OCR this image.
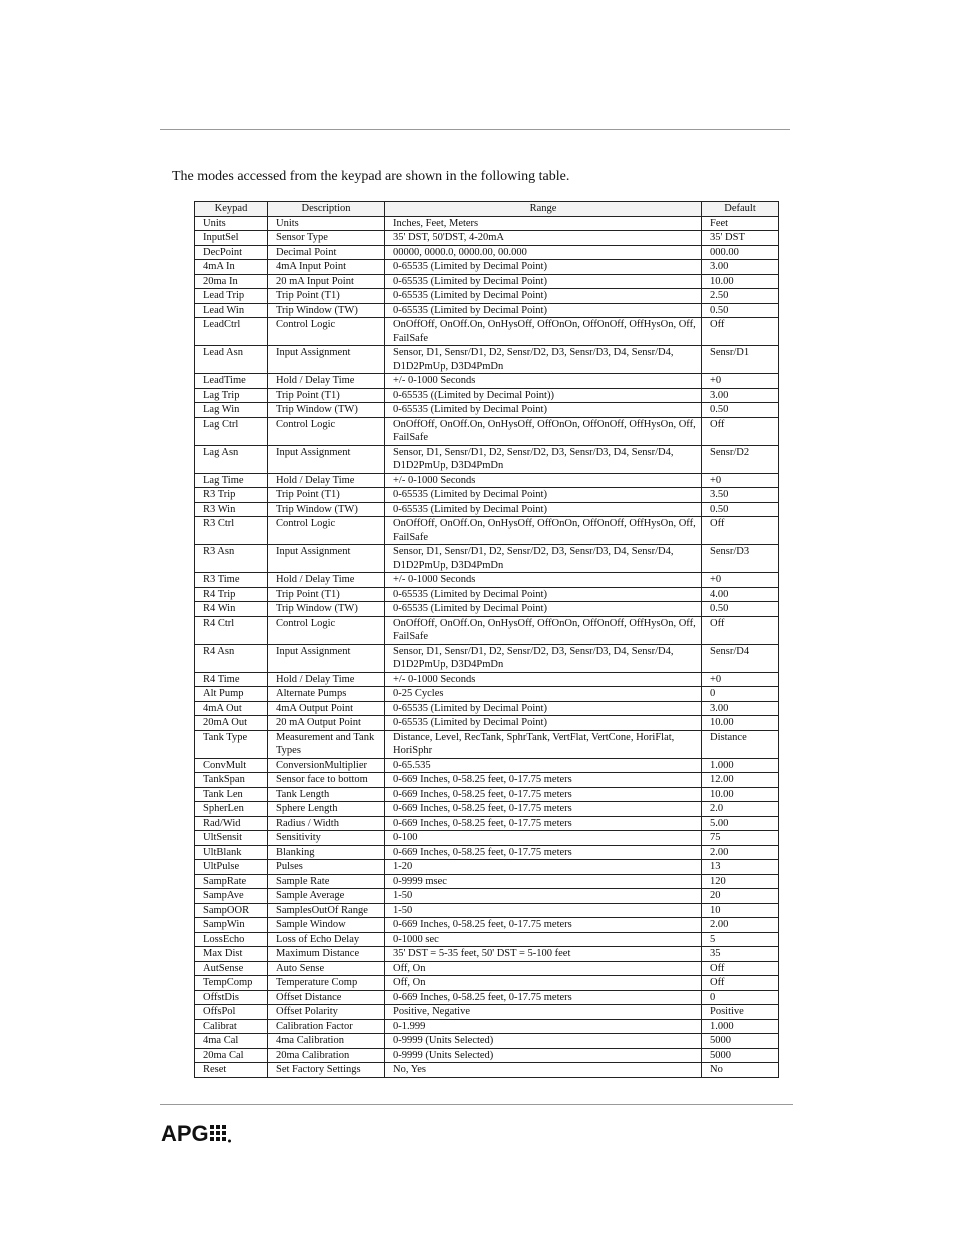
The modes accessed from the keypad are shown in the following table.
Keypad	Description	Range	Default
Units	Units	Inches, Feet, Meters	Feet
InputSel	Sensor Type	35' DST, 50'DST, 4-20mA	35' DST
DecPoint	Decimal Point	00000, 0000.0, 0000.00, 00.000	000.00
4mA In	4mA Input Point	0-65535 (Limited by Decimal Point)	3.00
20ma In	20 mA Input Point	0-65535 (Limited by Decimal Point)	10.00
Lead Trip	Trip Point (T1)	0-65535 (Limited by Decimal Point)	2.50
Lead Win	Trip Window (TW)	0-65535 (Limited by Decimal Point)	0.50
LeadCtrl	Control Logic	OnOffOff, OnOff.On, OnHysOff, OffOnOn, OffOnOff, OffHysOn, Off, FailSafe	Off
Lead Asn	Input Assignment	Sensor, D1, Sensr/D1, D2, Sensr/D2, D3, Sensr/D3, D4, Sensr/D4, D1D2PmUp, D3D4PmDn	Sensr/D1
LeadTime	Hold / Delay Time	+/- 0-1000 Seconds	+0
Lag Trip	Trip Point (T1)	0-65535 ((Limited by Decimal Point))	3.00
Lag Win	Trip Window (TW)	0-65535 (Limited by Decimal Point)	0.50
Lag Ctrl	Control Logic	OnOffOff, OnOff.On, OnHysOff, OffOnOn, OffOnOff, OffHysOn, Off, FailSafe	Off
Lag Asn	Input Assignment	Sensor, D1, Sensr/D1, D2, Sensr/D2, D3, Sensr/D3, D4, Sensr/D4, D1D2PmUp, D3D4PmDn	Sensr/D2
Lag Time	Hold / Delay Time	+/- 0-1000 Seconds	+0
R3 Trip	Trip Point (T1)	0-65535 (Limited by Decimal Point)	3.50
R3 Win	Trip Window (TW)	0-65535 (Limited by Decimal Point)	0.50
R3 Ctrl	Control Logic	OnOffOff, OnOff.On, OnHysOff, OffOnOn, OffOnOff, OffHysOn, Off, FailSafe	Off
R3 Asn	Input Assignment	Sensor, D1, Sensr/D1, D2, Sensr/D2, D3, Sensr/D3, D4, Sensr/D4, D1D2PmUp, D3D4PmDn	Sensr/D3
R3 Time	Hold / Delay Time	+/- 0-1000 Seconds	+0
R4 Trip	Trip Point (T1)	0-65535 (Limited by Decimal Point)	4.00
R4 Win	Trip Window (TW)	0-65535 (Limited by Decimal Point)	0.50
R4 Ctrl	Control Logic	OnOffOff, OnOff.On, OnHysOff, OffOnOn, OffOnOff, OffHysOn, Off, FailSafe	Off
R4 Asn	Input Assignment	Sensor, D1, Sensr/D1, D2, Sensr/D2, D3, Sensr/D3, D4, Sensr/D4, D1D2PmUp, D3D4PmDn	Sensr/D4
R4 Time	Hold / Delay Time	+/- 0-1000 Seconds	+0
Alt Pump	Alternate Pumps	0-25 Cycles	0
4mA Out	4mA Output Point	0-65535 (Limited by Decimal Point)	3.00
20mA Out	20 mA Output Point	0-65535 (Limited by Decimal Point)	10.00
Tank Type	Measurement and Tank Types	Distance, Level, RecTank, SphrTank, VertFlat, VertCone, HoriFlat, HoriSphr	Distance
ConvMult	ConversionMultiplier	0-65.535	1.000
TankSpan	Sensor face to bottom	0-669 Inches, 0-58.25 feet, 0-17.75 meters	12.00
Tank Len	Tank Length	0-669 Inches, 0-58.25 feet, 0-17.75 meters	10.00
SpherLen	Sphere Length	0-669 Inches, 0-58.25 feet, 0-17.75 meters	2.0
Rad/Wid	Radius / Width	0-669 Inches, 0-58.25 feet, 0-17.75 meters	5.00
UltSensit	Sensitivity	0-100	75
UltBlank	Blanking	0-669 Inches, 0-58.25 feet, 0-17.75 meters	2.00
UltPulse	Pulses	1-20	13
SampRate	Sample Rate	0-9999 msec	120
SampAve	Sample Average	1-50	20
SampOOR	SamplesOutOf Range	1-50	10
SampWin	Sample Window	0-669 Inches, 0-58.25 feet, 0-17.75 meters	2.00
LossEcho	Loss of Echo Delay	0-1000 sec	5
Max Dist	Maximum Distance	35' DST = 5-35 feet, 50' DST = 5-100 feet	35
AutSense	Auto Sense	Off, On	Off
TempComp	Temperature Comp	Off, On	Off
OffstDis	Offset Distance	0-669 Inches, 0-58.25 feet, 0-17.75 meters	0
OffsPol	Offset Polarity	Positive, Negative	Positive
Calibrat	Calibration Factor	0-1.999	1.000
4ma Cal	4ma Calibration	0-9999 (Units Selected)	5000
20ma Cal	20ma Calibration	0-9999 (Units Selected)	5000
Reset	Set Factory Settings	No, Yes	No
APG
